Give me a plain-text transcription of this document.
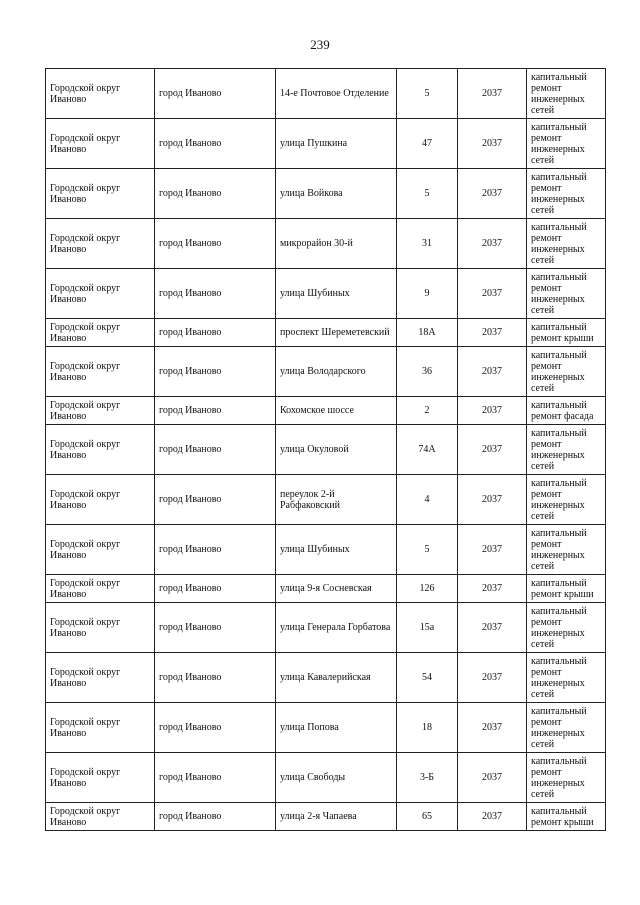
239
Городской округ Иваново	город Иваново	14-е Почтовое Отделение	5	2037	капитальный ремонт инженерных сетей
Городской округ Иваново	город Иваново	улица Пушкина	47	2037	капитальный ремонт инженерных сетей
Городской округ Иваново	город Иваново	улица Войкова	5	2037	капитальный ремонт инженерных сетей
Городской округ Иваново	город Иваново	микрорайон 30-й	31	2037	капитальный ремонт инженерных сетей
Городской округ Иваново	город Иваново	улица Шубиных	9	2037	капитальный ремонт инженерных сетей
Городской округ Иваново	город Иваново	проспект Шереметевский	18А	2037	капитальный ремонт крыши
Городской округ Иваново	город Иваново	улица Володарского	36	2037	капитальный ремонт инженерных сетей
Городской округ Иваново	город Иваново	Кохомское шоссе	2	2037	капитальный ремонт фасада
Городской округ Иваново	город Иваново	улица Окуловой	74А	2037	капитальный ремонт инженерных сетей
Городской округ Иваново	город Иваново	переулок 2-й Рабфаковский	4	2037	капитальный ремонт инженерных сетей
Городской округ Иваново	город Иваново	улица Шубиных	5	2037	капитальный ремонт инженерных сетей
Городской округ Иваново	город Иваново	улица 9-я Сосневская	126	2037	капитальный ремонт крыши
Городской округ Иваново	город Иваново	улица Генерала Горбатова	15а	2037	капитальный ремонт инженерных сетей
Городской округ Иваново	город Иваново	улица Кавалерийская	54	2037	капитальный ремонт инженерных сетей
Городской округ Иваново	город Иваново	улица Попова	18	2037	капитальный ремонт инженерных сетей
Городской округ Иваново	город Иваново	улица Свободы	3-Б	2037	капитальный ремонт инженерных сетей
Городской округ Иваново	город Иваново	улица 2-я Чапаева	65	2037	капитальный ремонт крыши
